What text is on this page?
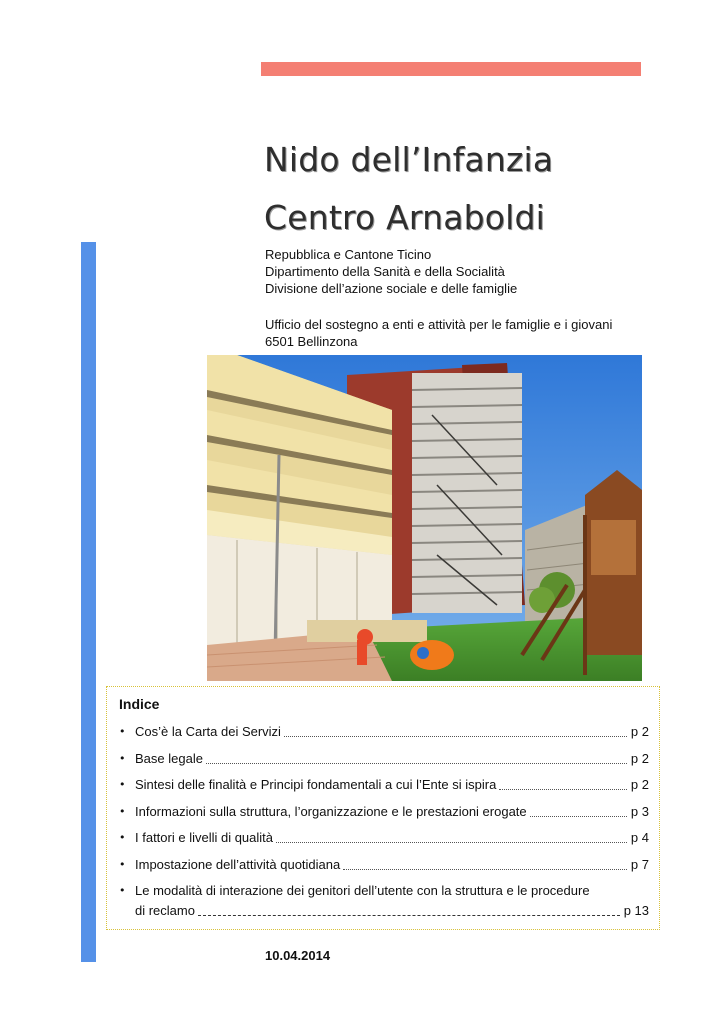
Nido dell’Infanzia
Centro Arnaboldi
Repubblica e Cantone Ticino
Dipartimento della Sanità e della Socialità
Divisione dell’azione sociale e delle famiglie
Ufficio del sostegno a enti e attività per le famiglie e i giovani
6501 Bellinzona
Indice
• Cos’è la Carta dei Servizi	p 2
• Base legale	p 2
• Sintesi delle finalità e Principi fondamentali a cui l’Ente si ispira	p 2
• Informazioni sulla struttura, l’organizzazione e le prestazioni erogate	p 3
• I fattori e livelli di qualità	p 4
• Impostazione dell’attività quotidiana	p 7
• Le modalità di interazione dei genitori dell’utente con la struttura e le procedure
di reclamo	p 13
10.04.2014
